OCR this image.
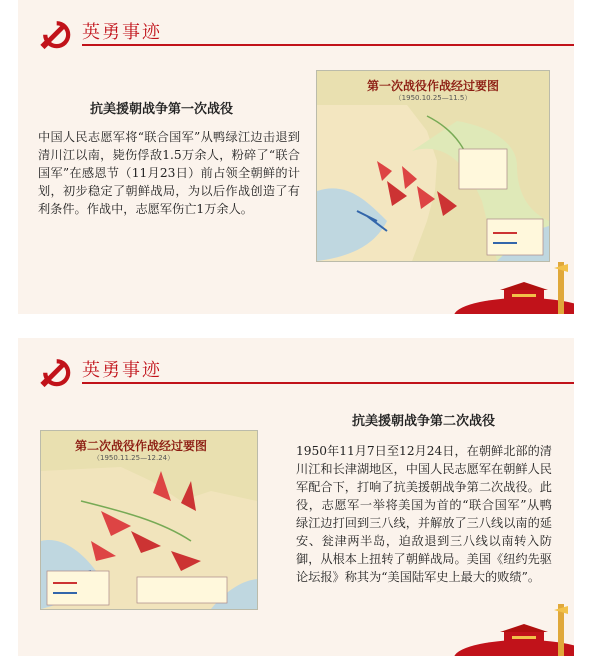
英勇事迹
抗美援朝战争第一次战役
中国人民志愿军将“联合国军”从鸭绿江边击退到清川江以南，毙伤俘敌1.5万余人，粉碎了“联合国军”在感恩节（11月23日）前占领全朝鲜的计划，初步稳定了朝鲜战局，为以后作战创造了有利条件。作战中，志愿军伤亡1万余人。
第一次战役作战经过要图
（1950.10.25—11.5）
英勇事迹
第二次战役作战经过要图
（1950.11.25—12.24）
抗美援朝战争第二次战役
1950年11月7日至12月24日，在朝鲜北部的清川江和长津湖地区，中国人民志愿军在朝鲜人民军配合下，打响了抗美援朝战争第二次战役。此役，志愿军一举将美国为首的“联合国军”从鸭绿江边打回到三八线，并解放了三八线以南的延安、瓮津两半岛，迫敌退到三八线以南转入防御，从根本上扭转了朝鲜战局。美国《纽约先驱论坛报》称其为“美国陆军史上最大的败绩”。
